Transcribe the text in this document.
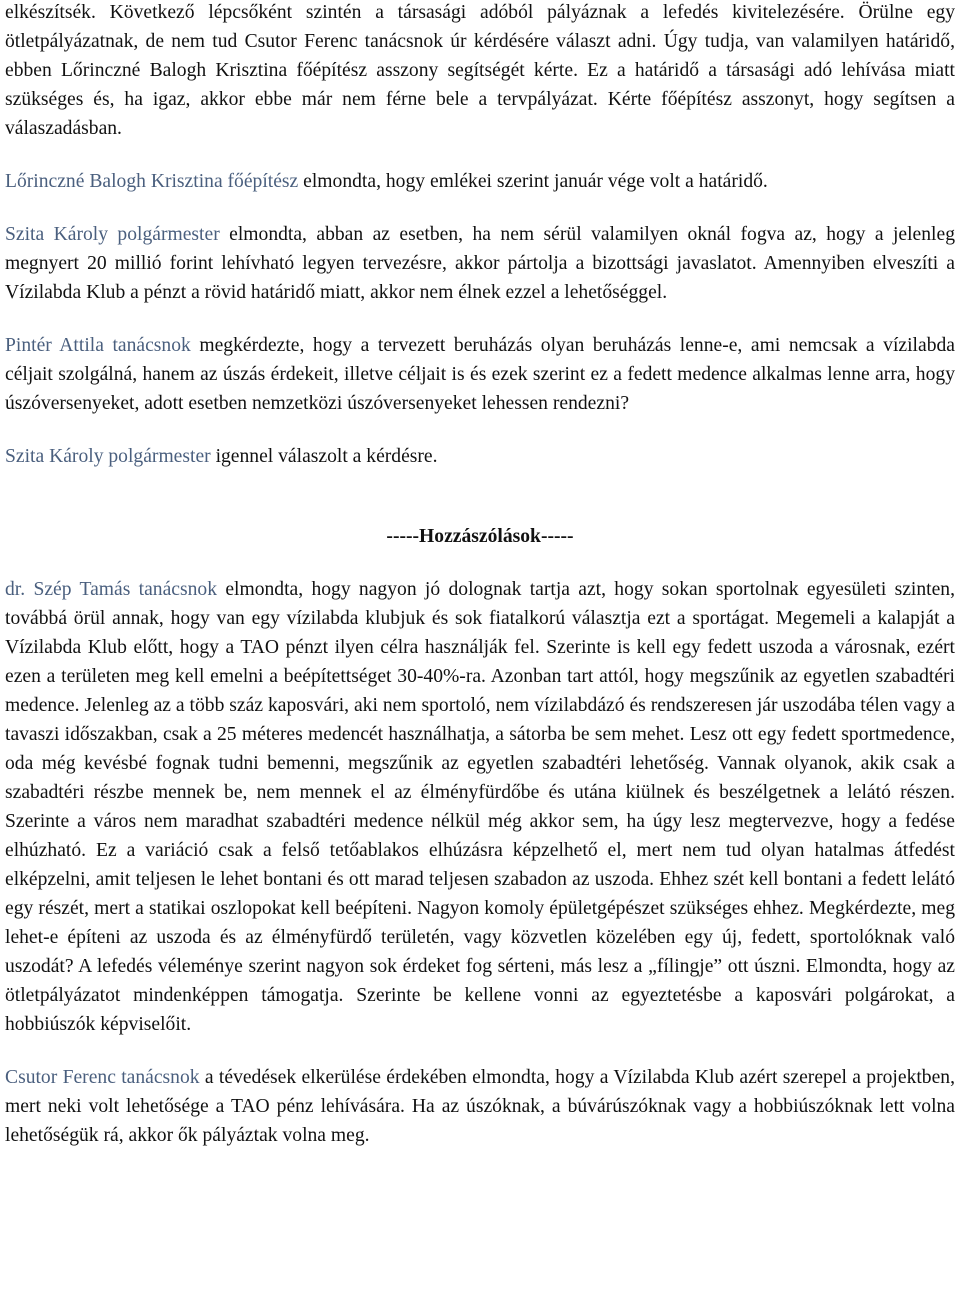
elkészítsék. Következő lépcsőként szintén a társasági adóból pályáznak a lefedés kivitelezésére. Örülne egy ötletpályázatnak, de nem tud Csutor Ferenc tanácsnok úr kérdésére választ adni. Úgy tudja, van valamilyen határidő, ebben Lőrinczné Balogh Krisztina főépítész asszony segítségét kérte. Ez a határidő a társasági adó lehívása miatt szükséges és, ha igaz, akkor ebbe már nem férne bele a tervpályázat. Kérte főépítész asszonyt, hogy segítsen a válaszadásban.

Lőrinczné Balogh Krisztina főépítész elmondta, hogy emlékei szerint január vége volt a határidő.

Szita Károly polgármester elmondta, abban az esetben, ha nem sérül valamilyen oknál fogva az, hogy a jelenleg megnyert 20 millió forint lehívható legyen tervezésre, akkor pártolja a bizottsági javaslatot. Amennyiben elveszíti a Vízilabda Klub a pénzt a rövid határidő miatt, akkor nem élnek ezzel a lehetőséggel.

Pintér Attila tanácsnok megkérdezte, hogy a tervezett beruházás olyan beruházás lenne-e, ami nemcsak a vízilabda céljait szolgálná, hanem az úszás érdekeit, illetve céljait is és ezek szerint ez a fedett medence alkalmas lenne arra, hogy úszóversenyeket, adott esetben nemzetközi úszóversenyeket lehessen rendezni?

Szita Károly polgármester igennel válaszolt a kérdésre.

-----Hozzászólások-----

dr. Szép Tamás tanácsnok elmondta, hogy nagyon jó dolognak tartja azt, hogy sokan sportolnak egyesületi szinten, továbbá örül annak, hogy van egy vízilabda klubjuk és sok fiatalkorú választja ezt a sportágat. Megemeli a kalapját a Vízilabda Klub előtt, hogy a TAO pénzt ilyen célra használják fel. Szerinte is kell egy fedett uszoda a városnak, ezért ezen a területen meg kell emelni a beépítettséget 30-40%-ra. Azonban tart attól, hogy megszűnik az egyetlen szabadtéri medence. Jelenleg az a több száz kaposvári, aki nem sportoló, nem vízilabdázó és rendszeresen jár uszodába télen vagy a tavaszi időszakban, csak a 25 méteres medencét használhatja, a sátorba be sem mehet. Lesz ott egy fedett sportmedence, oda még kevésbé fognak tudni bemenni, megszűnik az egyetlen szabadtéri lehetőség. Vannak olyanok, akik csak a szabadtéri részbe mennek be, nem mennek el az élményfürdőbe és utána kiülnek és beszélgetnek a lelátó részen. Szerinte a város nem maradhat szabadtéri medence nélkül még akkor sem, ha úgy lesz megtervezve, hogy a fedése elhúzható. Ez a variáció csak a felső tetőablakos elhúzásra képzelhető el, mert nem tud olyan hatalmas átfedést elképzelni, amit teljesen le lehet bontani és ott marad teljesen szabadon az uszoda. Ehhez szét kell bontani a fedett lelátó egy részét, mert a statikai oszlopokat kell beépíteni. Nagyon komoly épületgépészet szükséges ehhez. Megkérdezte, meg lehet-e építeni az uszoda és az élményfürdő területén, vagy közvetlen közelében egy új, fedett, sportolóknak való uszodát? A lefedés véleménye szerint nagyon sok érdeket fog sérteni, más lesz a „fílingje” ott úszni. Elmondta, hogy az ötletpályázatot mindenképpen támogatja. Szerinte be kellene vonni az egyeztetésbe a kaposvári polgárokat, a hobbiúszók képviselőit.

Csutor Ferenc tanácsnok a tévedések elkerülése érdekében elmondta, hogy a Vízilabda Klub azért szerepel a projektben, mert neki volt lehetősége a TAO pénz lehívására. Ha az úszóknak, a búvárúszóknak vagy a hobbiúszóknak lett volna lehetőségük rá, akkor ők pályáztak volna meg.
